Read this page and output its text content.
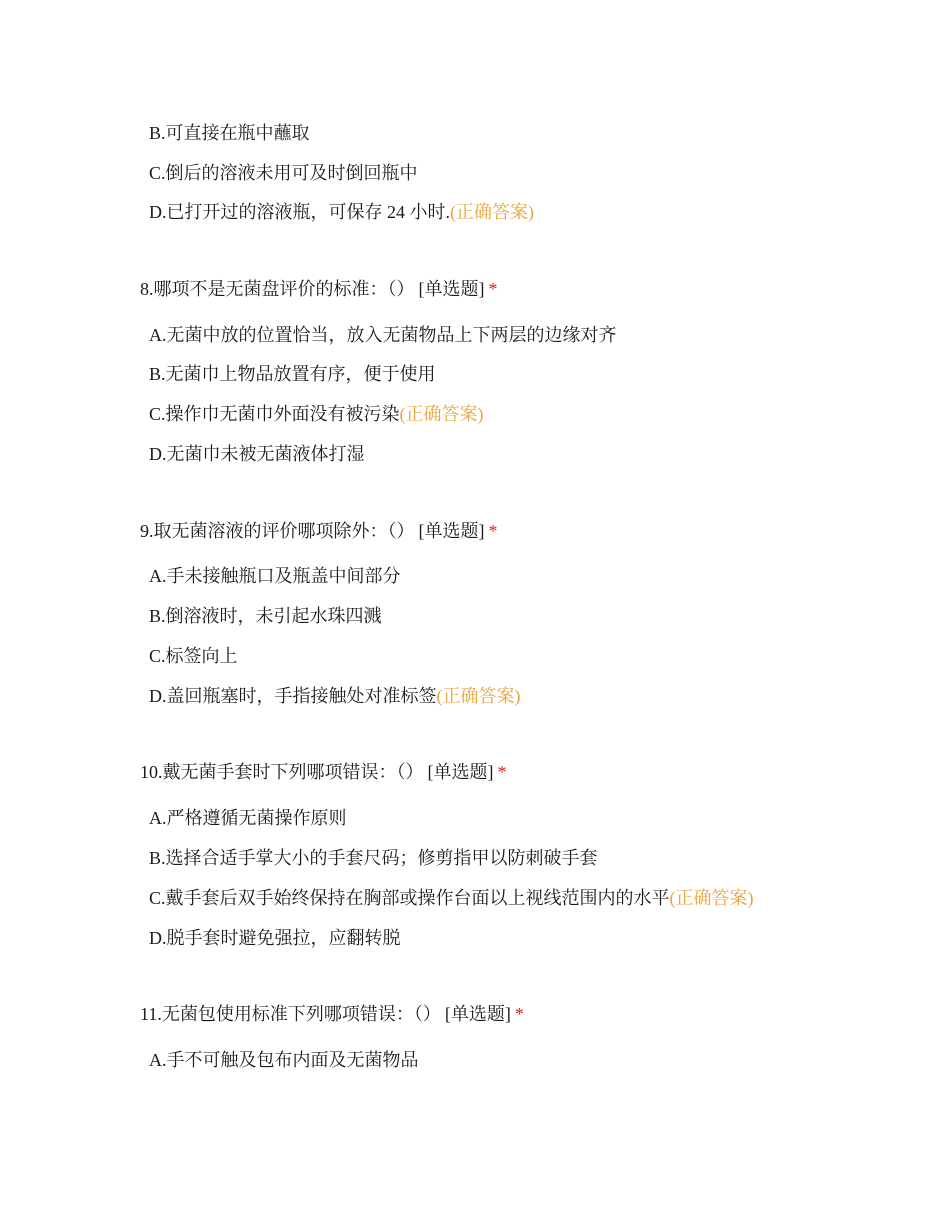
B.可直接在瓶中蘸取
C.倒后的溶液未用可及时倒回瓶中
D.已打开过的溶液瓶，可保存 24 小时.(正确答案)
8.哪项不是无菌盘评价的标准：（） [单选题] *
A.无菌中放的位置恰当，放入无菌物品上下两层的边缘对齐
B.无菌巾上物品放置有序，便于使用
C.操作巾无菌巾外面没有被污染(正确答案)
D.无菌巾未被无菌液体打湿
9.取无菌溶液的评价哪项除外：（） [单选题] *
A.手未接触瓶口及瓶盖中间部分
B.倒溶液时，未引起水珠四溅
C.标签向上
D.盖回瓶塞时，手指接触处对准标签(正确答案)
10.戴无菌手套时下列哪项错误：（） [单选题] *
A.严格遵循无菌操作原则
B.选择合适手掌大小的手套尺码；修剪指甲以防刺破手套
C.戴手套后双手始终保持在胸部或操作台面以上视线范围内的水平(正确答案)
D.脱手套时避免强拉，应翻转脱
11.无菌包使用标准下列哪项错误：（） [单选题] *
A.手不可触及包布内面及无菌物品
